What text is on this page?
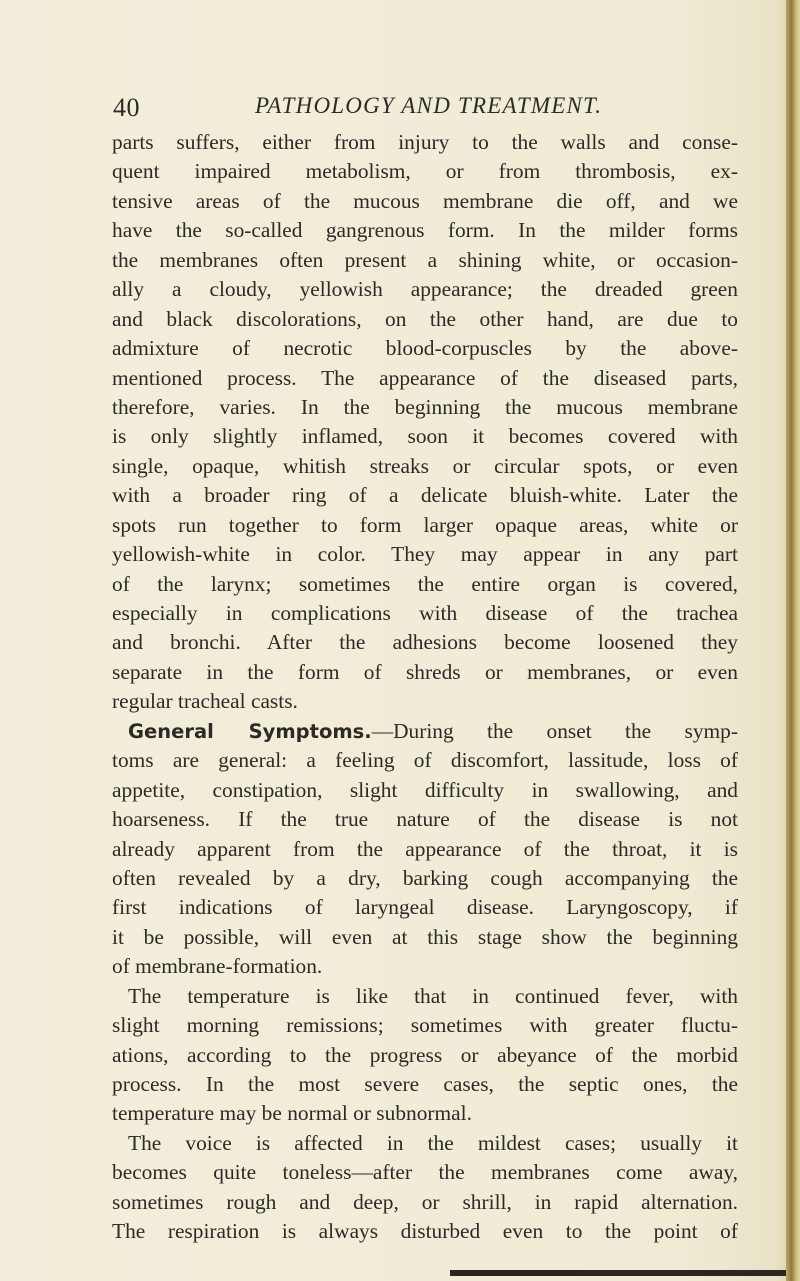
40	PATHOLOGY AND TREATMENT.
parts suffers, either from injury to the walls and conse-
quent impaired metabolism, or from thrombosis, ex-
tensive areas of the mucous membrane die off, and we
have the so-called gangrenous form. In the milder forms
the membranes often present a shining white, or occasion-
ally a cloudy, yellowish appearance; the dreaded green
and black discolorations, on the other hand, are due to
admixture of necrotic blood-corpuscles by the above-
mentioned process. The appearance of the diseased parts,
therefore, varies. In the beginning the mucous membrane
is only slightly inflamed, soon it becomes covered with
single, opaque, whitish streaks or circular spots, or even
with a broader ring of a delicate bluish-white. Later the
spots run together to form larger opaque areas, white or
yellowish-white in color. They may appear in any part
of the larynx; sometimes the entire organ is covered,
especially in complications with disease of the trachea
and bronchi. After the adhesions become loosened they
separate in the form of shreds or membranes, or even
regular tracheal casts.
General Symptoms.—During the onset the symp-
toms are general: a feeling of discomfort, lassitude, loss of
appetite, constipation, slight difficulty in swallowing, and
hoarseness. If the true nature of the disease is not
already apparent from the appearance of the throat, it is
often revealed by a dry, barking cough accompanying the
first indications of laryngeal disease. Laryngoscopy, if
it be possible, will even at this stage show the beginning
of membrane-formation.
The temperature is like that in continued fever, with
slight morning remissions; sometimes with greater fluctu-
ations, according to the progress or abeyance of the morbid
process. In the most severe cases, the septic ones, the
temperature may be normal or subnormal.
The voice is affected in the mildest cases; usually it
becomes quite toneless—after the membranes come away,
sometimes rough and deep, or shrill, in rapid alternation.
The respiration is always disturbed even to the point of
